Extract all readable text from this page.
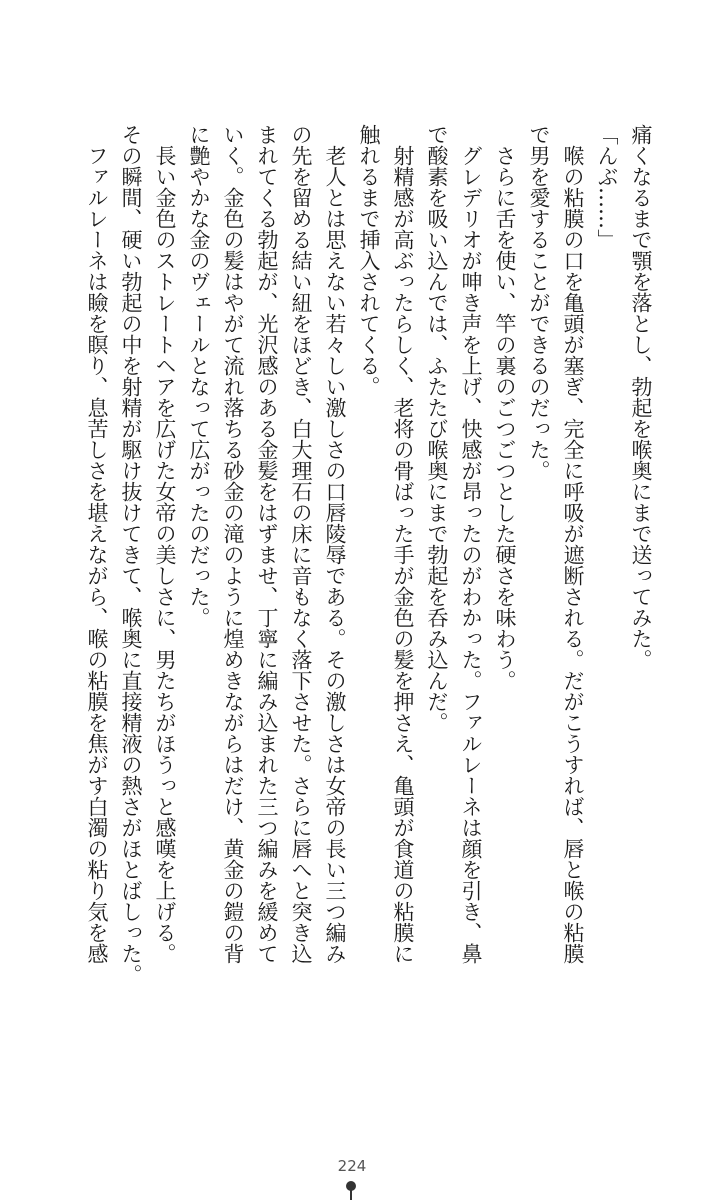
痛くなるまで顎を落とし、勃起を喉奥にまで送ってみた。
「んぶ……」
　喉の粘膜の口を亀頭が塞ぎ、完全に呼吸が遮断される。だがこうすれば、唇と喉の粘膜
で男を愛することができるのだった。
　さらに舌を使い、竿の裏のごつごつとした硬さを味わう。
　グレデリオが呻き声を上げ、快感が昂ったのがわかった。ファルレーネは顔を引き、鼻
で酸素を吸い込んでは、ふたたび喉奥にまで勃起を呑み込んだ。
　射精感が高ぶったらしく、老将の骨ばった手が金色の髪を押さえ、亀頭が食道の粘膜に
触れるまで挿入されてくる。
　老人とは思えない若々しい激しさの口唇陵辱である。その激しさは女帝の長い三つ編み
の先を留める結い紐をほどき、白大理石の床に音もなく落下させた。さらに唇へと突き込
まれてくる勃起が、光沢感のある金髪をはずませ、丁寧に編み込まれた三つ編みを緩めて
いく。金色の髪はやがて流れ落ちる砂金の滝のように煌めきながらはだけ、黄金の鎧の背
に艶やかな金のヴェールとなって広がったのだった。
　長い金色のストレートヘアを広げた女帝の美しさに、男たちがほうっと感嘆を上げる。
その瞬間、硬い勃起の中を射精が駆け抜けてきて、喉奥に直接精液の熱さがほとばしった。
　ファルレーネは瞼を瞑り、息苦しさを堪えながら、喉の粘膜を焦がす白濁の粘り気を感
224
